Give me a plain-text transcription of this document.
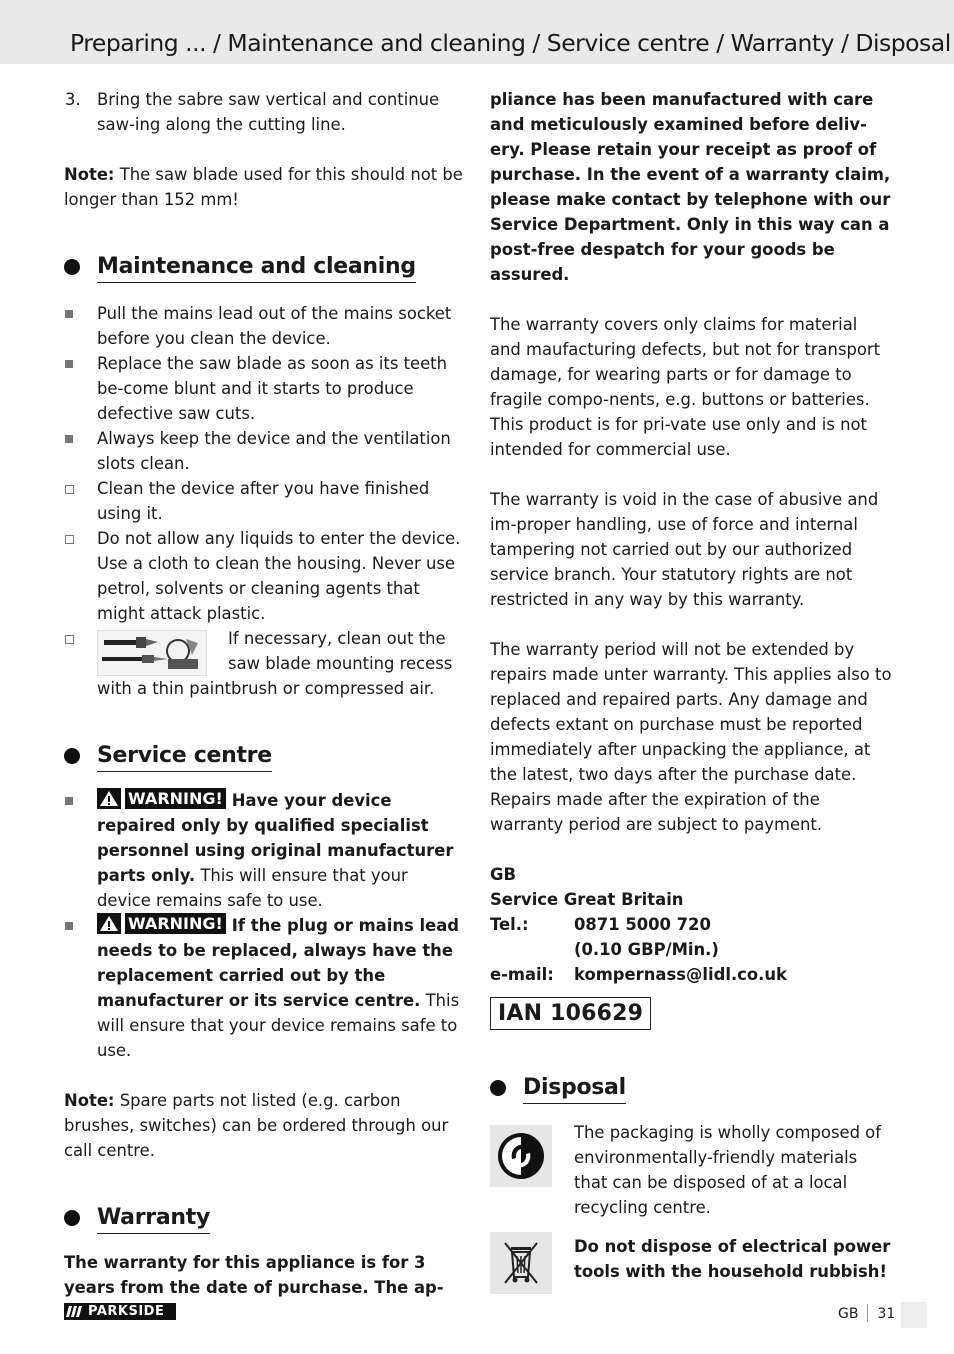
Preparing ... / Maintenance and cleaning / Service centre / Warranty / Disposal
3. Bring the sabre saw vertical and continue saw-ing along the cutting line.

Note: The saw blade used for this should not be longer than 152 mm!

Maintenance and cleaning
Pull the mains lead out of the mains socket before you clean the device.
Replace the saw blade as soon as its teeth be-come blunt and it starts to produce defective saw cuts.
Always keep the device and the ventilation slots clean.
Clean the device after you have finished using it.
Do not allow any liquids to enter the device. Use a cloth to clean the housing. Never use petrol, solvents or cleaning agents that might attack plastic.
If necessary, clean out the
saw blade mounting recess
with a thin paintbrush or compressed air.
Service centre
WARNING! Have your device repaired only by qualified specialist personnel using original manufacturer parts only. This will ensure that your device remains safe to use.
WARNING! If the plug or mains lead needs to be replaced, always have the replacement carried out by the manufacturer or its service centre. This will ensure that your device remains safe to use.

Note: Spare parts not listed (e.g. carbon brushes, switches) can be ordered through our call centre.

Warranty

The warranty for this appliance is for 3 years from the date of purchase. The ap-

pliance has been manufactured with care and meticulously examined before deliv-ery. Please retain your receipt as proof of purchase. In the event of a warranty claim, please make contact by telephone with our Service Department. Only in this way can a post-free despatch for your goods be assured.

The warranty covers only claims for material and maufacturing defects, but not for transport damage, for wearing parts or for damage to fragile compo-nents, e.g. buttons or batteries. This product is for pri-vate use only and is not intended for commercial use.

The warranty is void in the case of abusive and im-proper handling, use of force and internal tampering not carried out by our authorized service branch. Your statutory rights are not restricted in any way by this warranty.

The warranty period will not be extended by repairs made unter warranty. This applies also to replaced and repaired parts. Any damage and defects extant on purchase must be reported immediately after unpacking the appliance, at the latest, two days after the purchase date. Repairs made after the expiration of the warranty period are subject to payment.

GB

Service Great Britain

Tel.:	0871 5000 720
(0.10 GBP/Min.)
e-mail:	kompernass@lidl.co.uk
IAN 106629
Disposal

The packaging is wholly composed of environmentally-friendly materials that can be disposed of at a local recycling centre.

Do not dispose of electrical power tools with the household rubbish!

PARKSIDE	GB 31
